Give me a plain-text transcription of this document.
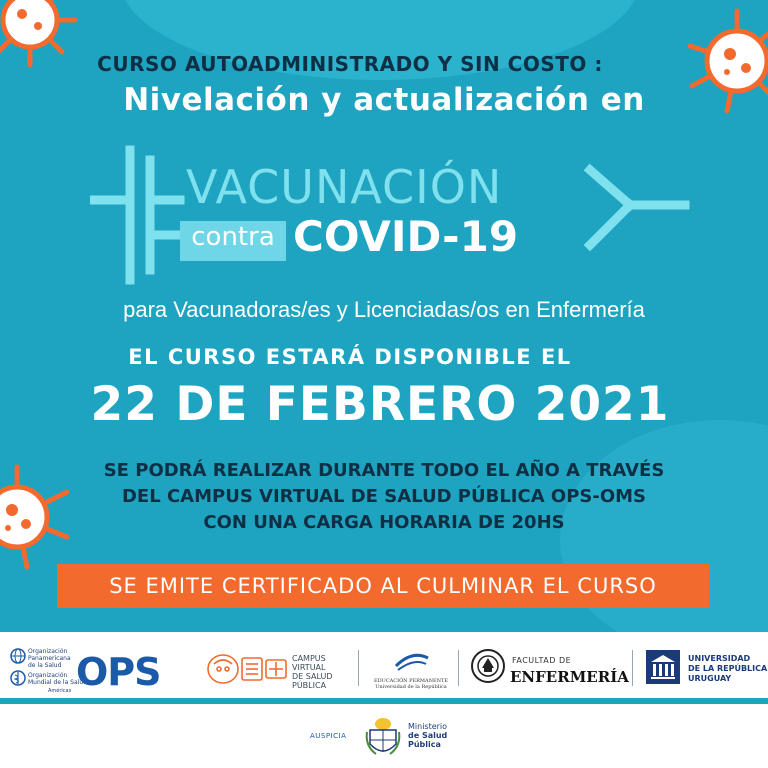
CURSO AUTOADMINISTRADO Y SIN COSTO :
Nivelación y actualización en
VACUNACIÓN
contra COVID-19
para Vacunadoras/es y Licenciadas/os en Enfermería
EL CURSO ESTARÁ DISPONIBLE EL
22 DE FEBRERO 2021
SE PODRÁ REALIZAR DURANTE TODO EL AÑO A TRAVÉS
DEL CAMPUS VIRTUAL DE SALUD PÚBLICA OPS-OMS
CON UNA CARGA HORARIA DE 20HS
SE EMITE CERTIFICADO AL CULMINAR EL CURSO
Organización
Panamericana
de la Salud
Organización
Mundial de la Salud
Américas OPS	CAMPUS
VIRTUAL
DE SALUD
PÚBLICA	EDUCACIÓN PERMANENTE
Universidad de la República
FACULTAD DE
ENFERMERÍA
UNIVERSIDAD
DE LA REPÚBLICA
URUGUAY
AUSPICIA
Ministerio
de Salud
Pública
